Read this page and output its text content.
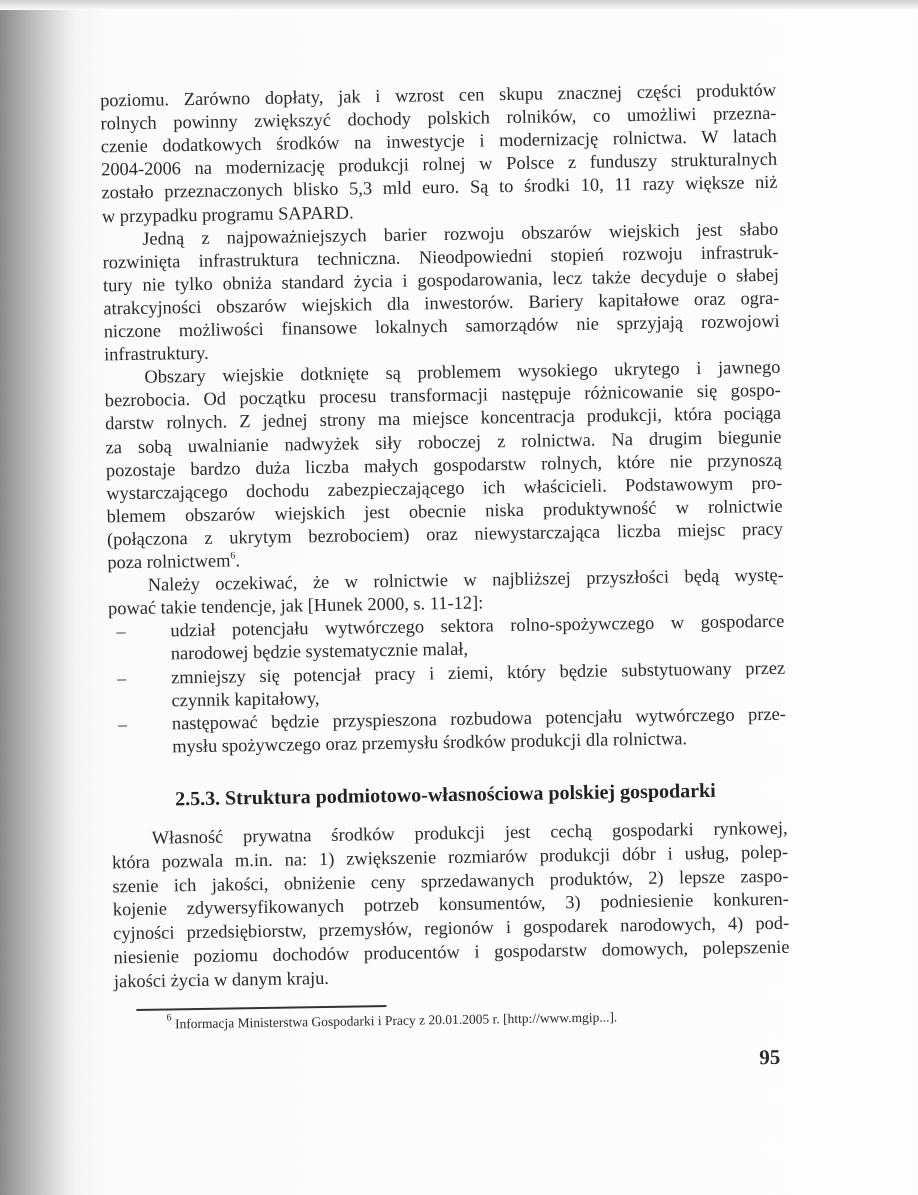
poziomu. Zarówno dopłaty, jak i wzrost cen skupu znacznej części produktów
rolnych powinny zwiększyć dochody polskich rolników, co umożliwi przezna-
czenie dodatkowych środków na inwestycje i modernizację rolnictwa. W latach
2004-2006 na modernizację produkcji rolnej w Polsce z funduszy strukturalnych
zostało przeznaczonych blisko 5,3 mld euro. Są to środki 10, 11 razy większe niż
w przypadku programu SAPARD.
Jedną z najpoważniejszych barier rozwoju obszarów wiejskich jest słabo
rozwinięta infrastruktura techniczna. Nieodpowiedni stopień rozwoju infrastruk-
tury nie tylko obniża standard życia i gospodarowania, lecz także decyduje o słabej
atrakcyjności obszarów wiejskich dla inwestorów. Bariery kapitałowe oraz ogra-
niczone możliwości finansowe lokalnych samorządów nie sprzyjają rozwojowi
infrastruktury.
Obszary wiejskie dotknięte są problemem wysokiego ukrytego i jawnego
bezrobocia. Od początku procesu transformacji następuje różnicowanie się gospo-
darstw rolnych. Z jednej strony ma miejsce koncentracja produkcji, która pociąga
za sobą uwalnianie nadwyżek siły roboczej z rolnictwa. Na drugim biegunie
pozostaje bardzo duża liczba małych gospodarstw rolnych, które nie przynoszą
wystarczającego dochodu zabezpieczającego ich właścicieli. Podstawowym pro-
blemem obszarów wiejskich jest obecnie niska produktywność w rolnictwie
(połączona z ukrytym bezrobociem) oraz niewystarczająca liczba miejsc pracy
poza rolnictwem$^6$.
Należy oczekiwać, że w rolnictwie w najbliższej przyszłości będą wystę-
pować takie tendencje, jak [Hunek 2000, s. 11-12]:
– udział potencjału wytwórczego sektora rolno-spożywczego w gospodarce
narodowej będzie systematycznie malał,
– zmniejszy się potencjał pracy i ziemi, który będzie substytuowany przez
czynnik kapitałowy,
– następować będzie przyspieszona rozbudowa potencjału wytwórczego prze-
mysłu spożywczego oraz przemysłu środków produkcji dla rolnictwa.
Własność prywatna środków produkcji jest cechą gospodarki rynkowej,
która pozwala m.in. na: 1) zwiększenie rozmiarów produkcji dóbr i usług, polep-
szenie ich jakości, obniżenie ceny sprzedawanych produktów, 2) lepsze zaspo-
kojenie zdywersyfikowanych potrzeb konsumentów, 3) podniesienie konkuren-
cyjności przedsiębiorstw, przemysłów, regionów i gospodarek narodowych, 4) pod-
niesienie poziomu dochodów producentów i gospodarstw domowych, polepszenie
jakości życia w danym kraju.
2.5.3. Struktura podmiotowo-własnościowa polskiej gospodarki
$^6$ Informacja Ministerstwa Gospodarki i Pracy z 20.01.2005 r. [http://www.mgip...].
95
